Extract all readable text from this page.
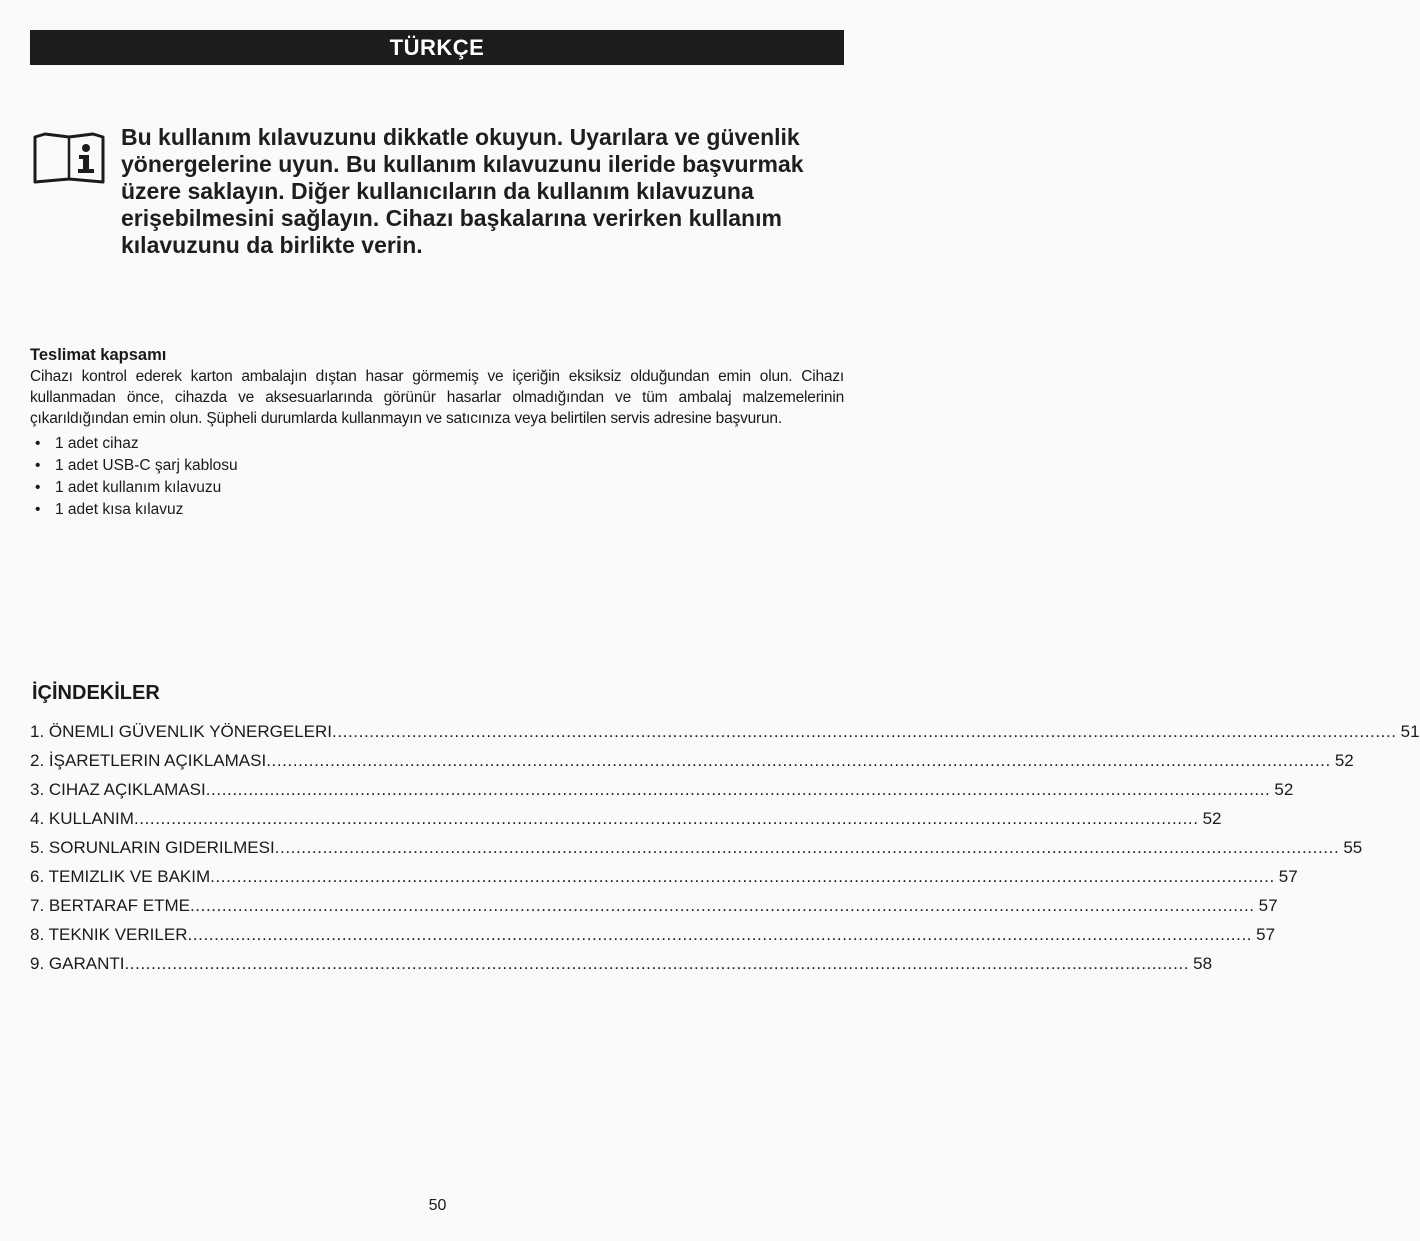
TÜRKÇE
Bu kullanım kılavuzunu dikkatle okuyun. Uyarılara ve güvenlik yönergelerine uyun. Bu kullanım kılavuzunu ileride başvurmak üzere saklayın. Diğer kullanıcıların da kullanım kılavuzuna erişebilmesini sağlayın. Cihazı başkalarına verirken kullanım kılavuzunu da birlikte verin.

Teslimat kapsamı

Cihazı kontrol ederek karton ambalajın dıştan hasar görmemiş ve içeriğin eksiksiz olduğundan emin olun. Cihazı kullanmadan önce, cihazda ve aksesuarlarında görünür hasarlar olmadığından ve tüm ambalaj malzemelerinin çıkarıldığından emin olun. Şüpheli durumlarda kullanmayın ve satıcınıza veya belirtilen servis adresine başvurun.

• 1 adet cihaz
• 1 adet USB-C şarj kablosu
• 1 adet kullanım kılavuzu
• 1 adet kısa kılavuz

İÇİNDEKİLER

1. ÖNEMLI GÜVENLIK YÖNERGELERI ........................................................................................................................................................................................................ 51
2. İŞARETLERIN AÇIKLAMASI ........................................................................................................................................................................................................ 52
3. CIHAZ AÇIKLAMASI ........................................................................................................................................................................................................ 52
4. KULLANIM ........................................................................................................................................................................................................ 52
5. SORUNLARIN GIDERILMESI ........................................................................................................................................................................................................ 55
6. TEMIZLIK VE BAKIM ........................................................................................................................................................................................................ 57
7. BERTARAF ETME ........................................................................................................................................................................................................ 57
8. TEKNIK VERILER ........................................................................................................................................................................................................ 57
9. GARANTI ........................................................................................................................................................................................................ 58
50
